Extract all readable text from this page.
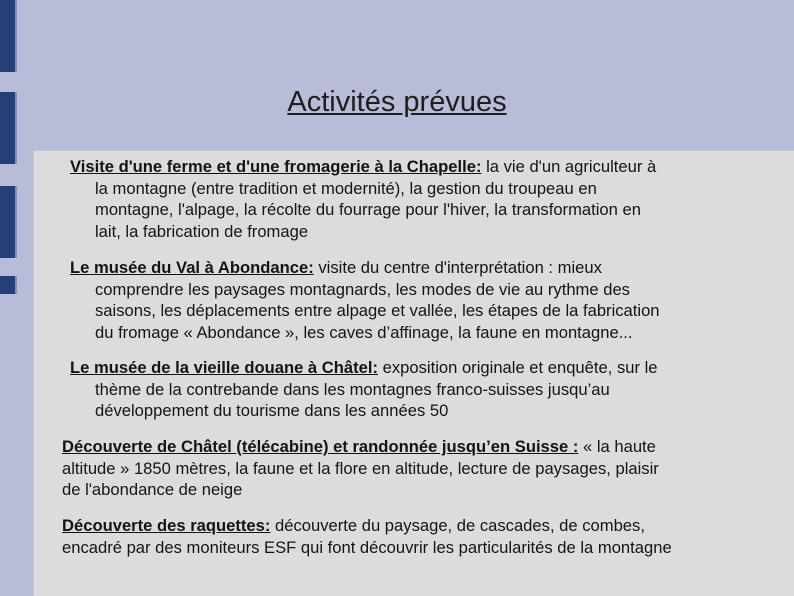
Activités prévues
Visite d'une ferme et d'une fromagerie à la Chapelle: la vie d'un agriculteur à
la montagne (entre tradition et modernité), la gestion du troupeau en
montagne, l'alpage, la récolte du fourrage pour l'hiver, la transformation en
lait, la fabrication de fromage
Le musée du Val à Abondance: visite du centre d'interprétation : mieux
comprendre les paysages montagnards, les modes de vie au rythme des
saisons, les déplacements entre alpage et vallée, les étapes de la fabrication
du fromage « Abondance », les caves d’affinage, la faune en montagne...
Le musée de la vieille douane à Châtel: exposition originale et enquête, sur le
thème de la contrebande dans les montagnes franco-suisses jusqu’au
développement du tourisme dans les années 50
Découverte de Châtel (télécabine) et randonnée jusqu’en Suisse : « la haute
altitude » 1850 mètres, la faune et la flore en altitude, lecture de paysages, plaisir
de l'abondance de neige
Découverte des raquettes: découverte du paysage, de cascades, de combes,
encadré par des moniteurs ESF qui font découvrir les particularités de la montagne
